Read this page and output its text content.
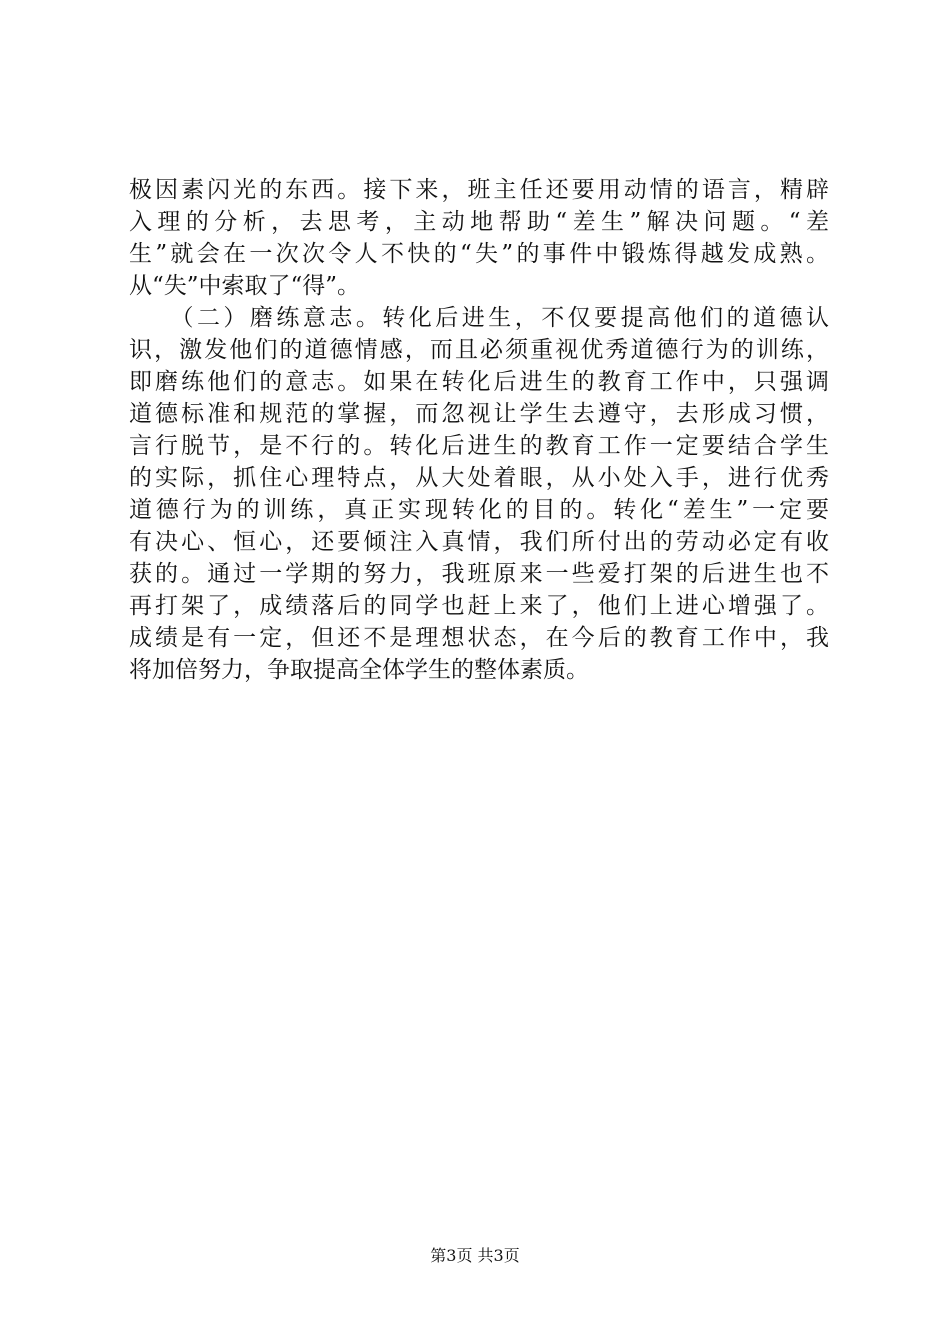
极因素闪光的东西。接下来，班主任还要用动情的语言，精辟
入理的分析，去思考，主动地帮助“差生”解决问题。“差
生”就会在一次次令人不快的“失”的事件中锻炼得越发成熟。
从“失”中索取了“得”。
　　（二）磨练意志。转化后进生，不仅要提高他们的道德认
识，激发他们的道德情感，而且必须重视优秀道德行为的训练，
即磨练他们的意志。如果在转化后进生的教育工作中，只强调
道德标准和规范的掌握，而忽视让学生去遵守，去形成习惯，
言行脱节，是不行的。转化后进生的教育工作一定要结合学生
的实际，抓住心理特点，从大处着眼，从小处入手，进行优秀
道德行为的训练，真正实现转化的目的。转化“差生”一定要
有决心、恒心，还要倾注入真情，我们所付出的劳动必定有收
获的。通过一学期的努力，我班原来一些爱打架的后进生也不
再打架了，成绩落后的同学也赶上来了，他们上进心增强了。
成绩是有一定，但还不是理想状态，在今后的教育工作中，我
将加倍努力，争取提高全体学生的整体素质。
第3页 共3页
